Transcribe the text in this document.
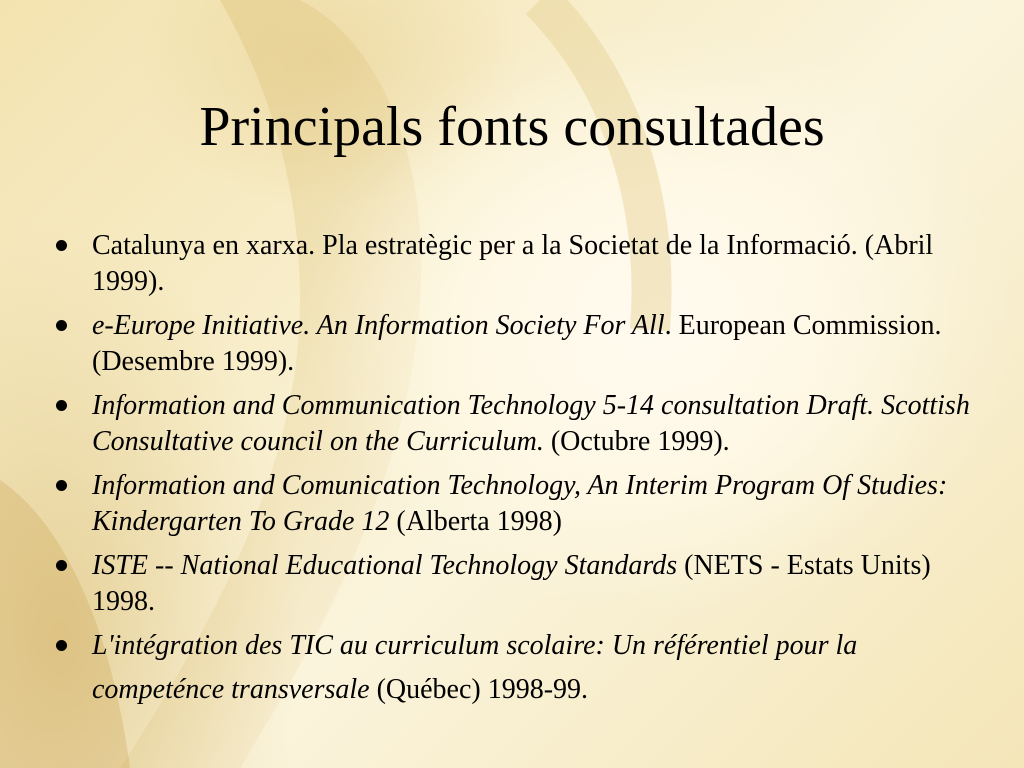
Principals fonts consultades
Catalunya en xarxa. Pla estratègic per a la Societat de la Informació. (Abril 1999).
e-Europe Initiative. An Information Society For All. European Commission. (Desembre 1999).
Information and Communication Technology 5-14 consultation Draft. Scottish Consultative council on the Curriculum. (Octubre 1999).
Information and Comunication Technology, An Interim Program Of Studies: Kindergarten To Grade 12 (Alberta 1998)
ISTE -- National Educational Technology Standards (NETS - Estats Units) 1998.
L'intégration des TIC au curriculum scolaire: Un référentiel pour la competénce transversale (Québec) 1998-99.
